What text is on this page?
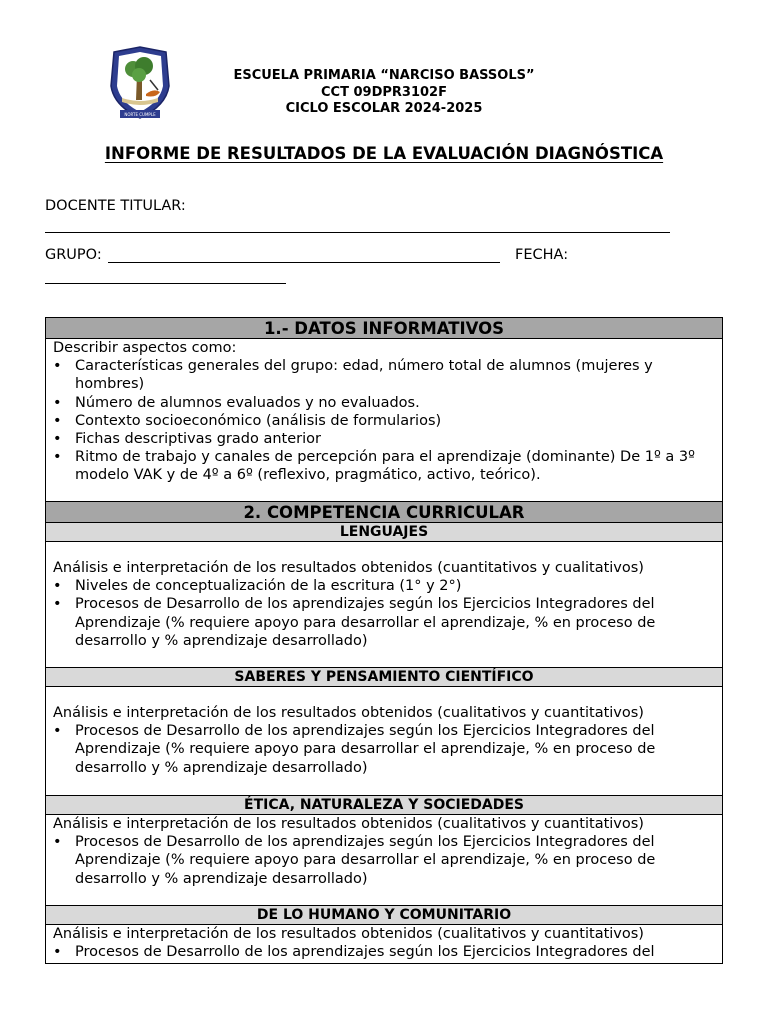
NORTE CUMPLE
ESCUELA PRIMARIA “NARCISO BASSOLS”
CCT 09DPR3102F
CICLO ESCOLAR 2024-2025
INFORME DE RESULTADOS DE LA EVALUACIÓN DIAGNÓSTICA
DOCENTE TITULAR:
GRUPO:	FECHA:
1.- DATOS INFORMATIVOS

Describir aspectos como:

• Características generales del grupo: edad, número total de alumnos (mujeres y hombres)
• Número de alumnos evaluados y no evaluados.
• Contexto socioeconómico (análisis de formularios)
• Fichas descriptivas grado anterior
• Ritmo de trabajo y canales de percepción para el aprendizaje (dominante) De 1º a 3º modelo VAK y de 4º a 6º (reflexivo, pragmático, activo, teórico).
2. COMPETENCIA CURRICULAR
LENGUAJES

Análisis e interpretación de los resultados obtenidos (cuantitativos y cualitativos)

• Niveles de conceptualización de la escritura (1° y 2°)
• Procesos de Desarrollo de los aprendizajes según los Ejercicios Integradores del Aprendizaje (% requiere apoyo para desarrollar el aprendizaje, % en proceso de desarrollo y % aprendizaje desarrollado)
SABERES Y PENSAMIENTO CIENTÍFICO

Análisis e interpretación de los resultados obtenidos (cualitativos y cuantitativos)

• Procesos de Desarrollo de los aprendizajes según los Ejercicios Integradores del Aprendizaje (% requiere apoyo para desarrollar el aprendizaje, % en proceso de desarrollo y % aprendizaje desarrollado)
ÉTICA, NATURALEZA Y SOCIEDADES

Análisis e interpretación de los resultados obtenidos (cualitativos y cuantitativos)

• Procesos de Desarrollo de los aprendizajes según los Ejercicios Integradores del Aprendizaje (% requiere apoyo para desarrollar el aprendizaje, % en proceso de desarrollo y % aprendizaje desarrollado)
DE LO HUMANO Y COMUNITARIO

Análisis e interpretación de los resultados obtenidos (cualitativos y cuantitativos)

• Procesos de Desarrollo de los aprendizajes según los Ejercicios Integradores del
